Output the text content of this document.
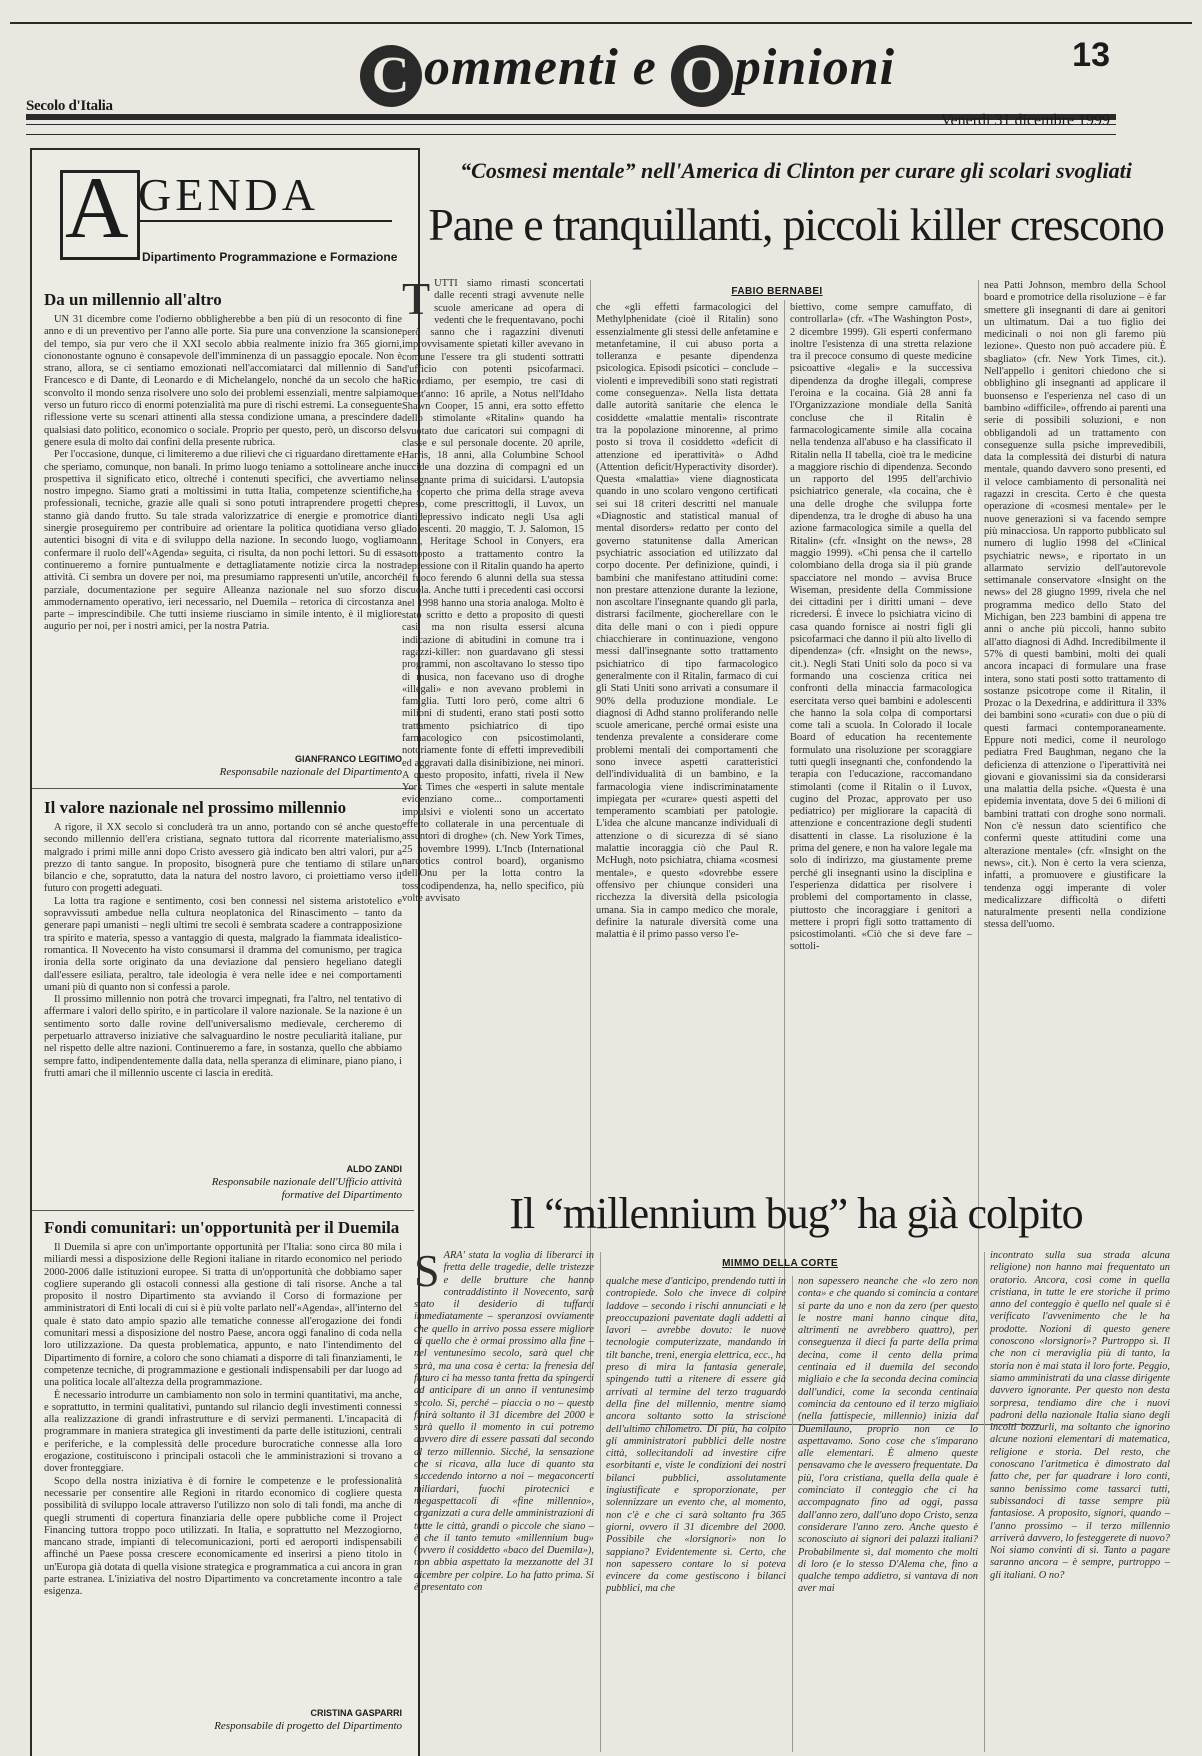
C ommenti e O pinioni	13
Secolo d'Italia
Venerdì 31 dicembre 1999
A GENDA
Dipartimento Programmazione e Formazione
Da un millennio all'altro

UN 31 dicembre come l'odierno obbligherebbe a ben più di un resoconto di fine anno e di un preventivo per l'anno alle porte. Sia pure una convenzione la scansione del tempo, sia pur vero che il XXI secolo abbia realmente inizio fra 365 giorni, ciononostante ognuno è consapevole dell'imminenza di un passaggio epocale. Non è strano, allora, se ci sentiamo emozionati nell'accomiatarci dal millennio di San Francesco e di Dante, di Leonardo e di Michelangelo, nonché da un secolo che ha sconvolto il mondo senza risolvere uno solo dei problemi essenziali, mentre salpiamo verso un futuro ricco di enormi potenzialità ma pure di rischi estremi. La conseguente riflessione verte su scenari attinenti alla stessa condizione umana, a prescindere da qualsiasi dato politico, economico o sociale. Proprio per questo, però, un discorso del genere esula di molto dai confini della presente rubrica.

Per l'occasione, dunque, ci limiteremo a due rilievi che ci riguardano direttamente e che speriamo, comunque, non banali. In primo luogo teniamo a sottolineare anche in prospettiva il significato etico, oltreché i contenuti specifici, che avvertiamo nel nostro impegno. Siamo grati a moltissimi in tutta Italia, competenze scientifiche, professionali, tecniche, grazie alle quali si sono potuti intraprendere progetti che stanno già dando frutto. Su tale strada valorizzatrice di energie e promotrice di sinergie proseguiremo per contribuire ad orientare la politica quotidiana verso gli autentici bisogni di vita e di sviluppo della nazione. In secondo luogo, vogliamo confermare il ruolo dell'«Agenda» seguita, ci risulta, da non pochi lettori. Su di essa continueremo a fornire puntualmente e dettagliatamente notizie circa la nostra attività. Ci sembra un dovere per noi, ma presumiamo rappresenti un'utile, ancorché parziale, documentazione per seguire Alleanza nazionale nel suo sforzo di ammodernamento operativo, ieri necessario, nel Duemila – retorica di circostanza a parte – imprescindibile. Che tutti insieme riusciamo in simile intento, è il migliore augurio per noi, per i nostri amici, per la nostra Patria.

GIANFRANCO LEGITIMO
Responsabile nazionale del Dipartimento
Il valore nazionale nel prossimo millennio

A rigore, il XX secolo si concluderà tra un anno, portando con sé anche questo secondo millennio dell'era cristiana, segnato tuttora dal ricorrente materialismo, malgrado i primi mille anni dopo Cristo avessero già indicato ben altri valori, pur a prezzo di tanto sangue. In proposito, bisognerà pure che tentiamo di stilare un bilancio e che, sopratutto, data la natura del nostro lavoro, ci proiettiamo verso il futuro con progetti adeguati.

La lotta tra ragione e sentimento, così ben connessi nel sistema aristotelico e sopravvissuti ambedue nella cultura neoplatonica del Rinascimento – tanto da generare papi umanisti – negli ultimi tre secoli è sembrata scadere a contrapposizione tra spirito e materia, spesso a vantaggio di questa, malgrado la fiammata idealistico-romantica. Il Novecento ha visto consumarsi il dramma del comunismo, per tragica ironia della sorte originato da una deviazione dal pensiero hegeliano dategli dall'essere esiliata, peraltro, tale ideologia è vera nelle idee e nei comportamenti umani più di quanto non si confessi a parole.

Il prossimo millennio non potrà che trovarci impegnati, fra l'altro, nel tentativo di affermare i valori dello spirito, e in particolare il valore nazionale. Se la nazione è un sentimento sorto dalle rovine dell'universalismo medievale, cercheremo di perpetuarlo attraverso iniziative che salvaguardino le nostre peculiarità italiane, pur nel rispetto delle altre nazioni. Continueremo a fare, in sostanza, quello che abbiamo sempre fatto, indipendentemente dalla data, nella speranza di eliminare, piano piano, i frutti amari che il millennio uscente ci lascia in eredità.

ALDO ZANDI
Responsabile nazionale dell'Ufficio attività formative del Dipartimento
Fondi comunitari: un'opportunità per il Duemila

Il Duemila si apre con un'importante opportunità per l'Italia: sono circa 80 mila i miliardi messi a disposizione delle Regioni italiane in ritardo economico nel periodo 2000-2006 dalle istituzioni europee. Si tratta di un'opportunità che dobbiamo saper cogliere superando gli ostacoli connessi alla gestione di tali risorse. Anche a tal proposito il nostro Dipartimento sta avviando il Corso di formazione per amministratori di Enti locali di cui si è più volte parlato nell'«Agenda», all'interno del quale è stato dato ampio spazio alle tematiche connesse all'erogazione dei fondi comunitari messi a disposizione del nostro Paese, ancora oggi fanalino di coda nella loro utilizzazione. Da questa problematica, appunto, e nato l'intendimento del Dipartimento di fornire, a coloro che sono chiamati a disporre di tali finanziamenti, le competenze tecniche, di programmazione e gestionali indispensabili per dar luogo ad una politica locale all'altezza della programmazione.

È necessario introdurre un cambiamento non solo in termini quantitativi, ma anche, e soprattutto, in termini qualitativi, puntando sul rilancio degli investimenti connessi alla realizzazione di grandi infrastrutture e di servizi permanenti. L'incapacità di programmare in maniera strategica gli investimenti da parte delle istituzioni, centrali e periferiche, e la complessità delle procedure burocratiche connesse alla loro erogazione, costituiscono i principali ostacoli che le amministrazioni si trovano a dover fronteggiare.

Scopo della nostra iniziativa è di fornire le competenze e le professionalità necessarie per consentire alle Regioni in ritardo economico di cogliere questa possibilità di sviluppo locale attraverso l'utilizzo non solo di tali fondi, ma anche di quegli strumenti di copertura finanziaria delle opere pubbliche come il Project Financing tuttora troppo poco utilizzati. In Italia, e soprattutto nel Mezzogiorno, mancano strade, impianti di telecomunicazioni, porti ed aeroporti indispensabili affinché un Paese possa crescere economicamente ed inserirsi a pieno titolo in un'Europa già dotata di quella visione strategica e programmatica a cui ancora in gran parte estranea. L'iniziativa del nostro Dipartimento va concretamente incontro a tale esigenza.

CRISTINA GASPARRI
Responsabile di progetto del Dipartimento
“Cosmesi mentale” nell'America di Clinton per curare gli scolari svogliati
Pane e tranquillanti, piccoli killer crescono
FABIO BERNABEI
TUTTI siamo rimasti sconcertati dalle recenti stragi avvenute nelle scuole americane ad opera di vedenti che le frequentavano, pochi però sanno che i ragazzini divenuti improvvisamente spietati killer avevano in comune l'essere tra gli studenti sottratti d'ufficio con potenti psicofarmaci. Ricordiamo, per esempio, tre casi di quest'anno: 16 aprile, a Notus nell'Idaho Shawn Cooper, 15 anni, era sotto effetto dello stimolante «Ritalin» quando ha svuotato due caricatori sui compagni di classe e sul personale docente. 20 aprile, Harris, 18 anni, alla Columbine School uccide una dozzina di compagni ed un insegnante prima di suicidarsi. L'autopsia ha scoperto che prima della strage aveva preso, come prescrittogli, il Luvox, un antidepressivo indicato negli Usa agli adolescenti. 20 maggio, T. J. Salomon, 15 anni, Heritage School in Conyers, era sottoposto a trattamento contro la depressione con il Ritalin quando ha aperto il fuoco ferendo 6 alunni della sua stessa scuola. Anche tutti i precedenti casi occorsi nel 1998 hanno una storia analoga. Molto è stato scritto e detto a proposito di questi casi, ma non risulta essersi alcuna indicazione di abitudini in comune tra i ragazzi-killer: non guardavano gli stessi programmi, non ascoltavano lo stesso tipo di musica, non facevano uso di droghe «illegali» e non avevano problemi in famiglia. Tutti loro però, come altri 6 milioni di studenti, erano stati posti sotto trattamento psichiatrico di tipo farmacologico con psicostimolanti, notoriamente fonte di effetti imprevedibili ed aggravati dalla disinibizione, nei minori. A questo proposito, infatti, rivela il New York Times che «esperti in salute mentale evidenziano come... comportamenti impulsivi e violenti sono un accertato effetto collaterale in una percentuale di assuntori di droghe» (ch. New York Times, 25 novembre 1999). L'Incb (International narcotics control board), organismo dell'Onu per la lotta contro la tossicodipendenza, ha, nello specifico, più volte avvisato
che «gli effetti farmacologici del Methylphenidate (cioè il Ritalin) sono essenzialmente gli stessi delle anfetamine e metanfetamine, il cui abuso porta a tolleranza e pesante dipendenza psicologica. Episodi psicotici – conclude – violenti e imprevedibili sono stati registrati come conseguenza». Nella lista dettata dalle autorità sanitarie che elenca le cosiddette «malattie mentali» riscontrate tra la popolazione minorenne, al primo posto si trova il cosiddetto «deficit di attenzione ed iperattività» o Adhd (Attention deficit/Hyperactivity disorder). Questa «malattia» viene diagnosticata quando in uno scolaro vengono certificati sei sui 18 criteri descritti nel manuale «Diagnostic and statistical manual of mental disorders» redatto per conto del governo statunitense dalla American psychiatric association ed utilizzato dal corpo docente. Per definizione, quindi, i bambini che manifestano attitudini come: non prestare attenzione durante la lezione, non ascoltare l'insegnante quando gli parla, distrarsi facilmente, giocherellare con le dita delle mani o con i piedi oppure chiacchierare in continuazione, vengono messi dall'insegnante sotto trattamento psichiatrico di tipo farmacologico generalmente con il Ritalin, farmaco di cui gli Stati Uniti sono arrivati a consumare il 90% della produzione mondiale. Le diagnosi di Adhd stanno proliferando nelle scuole americane, perché ormai esiste una tendenza prevalente a considerare come problemi mentali dei comportamenti che sono invece aspetti caratteristici dell'individualità di un bambino, e la farmacologia viene indiscriminatamente impiegata per «curare» questi aspetti del temperamento scambiati per patologie. L'idea che alcune mancanze individuali di attenzione o di sicurezza di sé siano malattie incoraggia ciò che Paul R. McHugh, noto psichiatra, chiama «cosmesi mentale», e questo «dovrebbe essere offensivo per chiunque consideri una ricchezza la diversità della psicologia umana. Sia in campo medico che morale, definire la naturale diversità come una malattia è il primo passo verso l'e-
biettivo, come sempre camuffato, di controllarla» (cfr. «The Washington Post», 2 dicembre 1999). Gli esperti confermano inoltre l'esistenza di una stretta relazione tra il precoce consumo di queste medicine psicoattive «legali» e la successiva dipendenza da droghe illegali, comprese l'eroina e la cocaina. Già 28 anni fa l'Organizzazione mondiale della Sanità concluse che il Ritalin è farmacologicamente simile alla cocaina nella tendenza all'abuso e ha classificato il Ritalin nella II tabella, cioè tra le medicine a maggiore rischio di dipendenza. Secondo un rapporto del 1995 dell'archivio psichiatrico generale, «la cocaina, che è una delle droghe che sviluppa forte dipendenza, tra le droghe di abuso ha una azione farmacologica simile a quella del Ritalin» (cfr. «Insight on the news», 28 maggio 1999). «Chi pensa che il cartello colombiano della droga sia il più grande spacciatore nel mondo – avvisa Bruce Wiseman, presidente della Commissione dei cittadini per i diritti umani – deve ricredersi. È invece lo psichiatra vicino di casa quando fornisce ai nostri figli gli psicofarmaci che danno il più alto livello di dipendenza» (cfr. «Insight on the news», cit.). Negli Stati Uniti solo da poco si va formando una coscienza critica nei confronti della minaccia farmacologica esercitata verso quei bambini e adolescenti che hanno la sola colpa di comportarsi come tali a scuola. In Colorado il locale Board of education ha recentemente formulato una risoluzione per scoraggiare tutti quegli insegnanti che, confondendo la terapia con l'educazione, raccomandano stimolanti (come il Ritalin o il Luvox, cugino del Prozac, approvato per uso pediatrico) per migliorare la capacità di attenzione e concentrazione degli studenti disattenti in classe. La risoluzione è la prima del genere, e non ha valore legale ma solo di indirizzo, ma giustamente preme perché gli insegnanti usino la disciplina e l'esperienza didattica per risolvere i problemi del comportamento in classe, piuttosto che incoraggiare i genitori a mettere i propri figli sotto trattamento di psicostimolanti. «Ciò che si deve fare – sottoli-
nea Patti Johnson, membro della School board e promotrice della risoluzione – è far smettere gli insegnanti di dare ai genitori un ultimatum. Dai a tuo figlio dei medicinali o noi non gli faremo più lezione». Questo non può accadere più. È sbagliato» (cfr. New York Times, cit.). Nell'appello i genitori chiedono che si obblighino gli insegnanti ad applicare il buonsenso e l'esperienza nel caso di un bambino «difficile», offrendo ai parenti una serie di possibili soluzioni, e non obbligandoli ad un trattamento con conseguenze sulla psiche imprevedibili, data la complessità dei disturbi di natura mentale, quando davvero sono presenti, ed il veloce cambiamento di personalità nei ragazzi in crescita. Certo è che questa operazione di «cosmesi mentale» per le nuove generazioni si va facendo sempre più minacciosa. Un rapporto pubblicato sul numero di luglio 1998 del «Clinical psychiatric news», e riportato in un allarmato servizio dell'autorevole settimanale conservatore «Insight on the news» del 28 giugno 1999, rivela che nel programma medico dello Stato del Michigan, ben 223 bambini di appena tre anni o anche più piccoli, hanno subito all'atto diagnosi di Adhd. Incredibilmente il 57% di questi bambini, molti dei quali ancora incapaci di formulare una frase intera, sono stati posti sotto trattamento di sostanze psicotrope come il Ritalin, il Prozac o la Dexedrina, e addirittura il 33% dei bambini sono «curati» con due o più di questi farmaci contemporaneamente. Eppure noti medici, come il neurologo pediatra Fred Baughman, negano che la deficienza di attenzione o l'iperattività nei giovani e giovanissimi sia da considerarsi una malattia della psiche. «Questa è una epidemia inventata, dove 5 dei 6 milioni di bambini trattati con droghe sono normali. Non c'è nessun dato scientifico che confermi queste attitudini come una alterazione mentale» (cfr. «Insight on the news», cit.). Non è certo la vera scienza, infatti, a promuovere e giustificare la tendenza oggi imperante di voler medicalizzare difficoltà o difetti naturalmente presenti nella condizione stessa dell'uomo.
Il “millennium bug” ha già colpito
MIMMO DELLA CORTE
SARA' stata la voglia di liberarci in fretta delle tragedie, delle tristezze e delle brutture che hanno contraddistinto il Novecento, sarà stato il desiderio di tuffarci immediatamente – speranzosi ovviamente che quello in arrivo possa essere migliore di quello che è ormai prossimo alla fine – nel ventunesimo secolo, sarà quel che sarà, ma una cosa è certa: la frenesia del futuro ci ha messo tanta fretta da spingerci ad anticipare di un anno il ventunesimo secolo. Si, perché – piaccia o no – questo finirà soltanto il 31 dicembre del 2000 e sarà quello il momento in cui potremo davvero dire di essere passati dal secondo al terzo millennio. Sicché, la sensazione che si ricava, alla luce di quanto sta succedendo intorno a noi – megaconcerti miliardari, fuochi pirotecnici e megaspettacoli di «fine millennio», organizzati a cura delle amministrazioni di tutte le città, grandi o piccole che siano – è che il tanto temuto «millennium bug» (ovvero il cosiddetto «baco del Duemila»), non abbia aspettato la mezzanotte del 31 dicembre per colpire. Lo ha fatto prima. Si è presentato con
qualche mese d'anticipo, prendendo tutti in contropiede. Solo che invece di colpire laddove – secondo i rischi annunciati e le preoccupazioni paventate dagli addetti ai lavori – avrebbe dovuto: le nuove tecnologie computerizzate, mandando in tilt banche, treni, energia elettrica, ecc., ha preso di mira la fantasia generale, spingendo tutti a ritenere di essere già arrivati al termine del terzo traguardo della fine del millennio, mentre siamo ancora soltanto sotto la striscione dell'ultimo chilometro. Di più, ha colpito gli amministratori pubblici delle nostre città, sollecitandoli ad investire cifre esorbitanti e, viste le condizioni dei nostri bilanci pubblici, assolutamente ingiustificate e sproporzionate, per solennizzare un evento che, al momento, non c'è e che ci sarà soltanto fra 365 giorni, ovvero il 31 dicembre del 2000. Possibile che «lorsignori» non lo sappiano? Evidentemente sì. Certo, che non sapessero contare lo si poteva evincere da come gestiscono i bilanci pubblici, ma che
non sapessero neanche che «lo zero non conta» e che quando si comincia a contare si parte da uno e non da zero (per questo le nostre mani hanno cinque dita, altrimenti ne avrebbero quattro), per conseguenza il dieci fa parte della prima decina, come il cento della prima centinaia ed il duemila del secondo migliaio e che la seconda decina comincia dall'undici, come la seconda centinaia comincia da centouno ed il terzo migliaio (nella fattispecie, millennio) inizia dal Duemilauno, proprio non ce lo aspettavamo. Sono cose che s'imparano alle elementari. È almeno queste pensavamo che le avessero frequentate. Da più, l'ora cristiana, quella della quale è cominciato il conteggio che ci ha accompagnato fino ad oggi, passa dall'anno zero, dall'uno dopo Cristo, senza considerare l'anno zero. Anche questo è sconosciuto ai signori dei palazzi italiani? Probabilmente sì, dal momento che molti di loro (e lo stesso D'Alema che, fino a qualche tempo addietro, si vantava di non aver mai
incontrato sulla sua strada alcuna religione) non hanno mai frequentato un oratorio. Ancora, così come in quella cristiana, in tutte le ere storiche il primo anno del conteggio è quello nel quale si è verificato l'avvenimento che le ha prodotte. Nozioni di questo genere conoscono «lorsignori»? Purtroppo sì. Il che non ci meraviglia più di tanto, la storia non è mai stata il loro forte. Peggio, siamo amministrati da una classe dirigente davvero ignorante. Per questo non desta sorpresa, tendiamo dire che i nuovi padroni della nazionale Italia siano degli incolti bozzurli, ma soltanto che ignorino alcune nozioni elementari di matematica, religione e storia. Del resto, che conoscano l'aritmetica è dimostrato dal fatto che, per far quadrare i loro conti, sanno benissimo come tassarci tutti, subissandoci di tasse sempre più fantasiose. A proposito, signori, quando – l'anno prossimo – il terzo millennio arriverà davvero, lo festeggerete di nuovo? Noi siamo convinti di sì. Tanto a pagare saranno ancora – è sempre, purtroppo – gli italiani. O no?
